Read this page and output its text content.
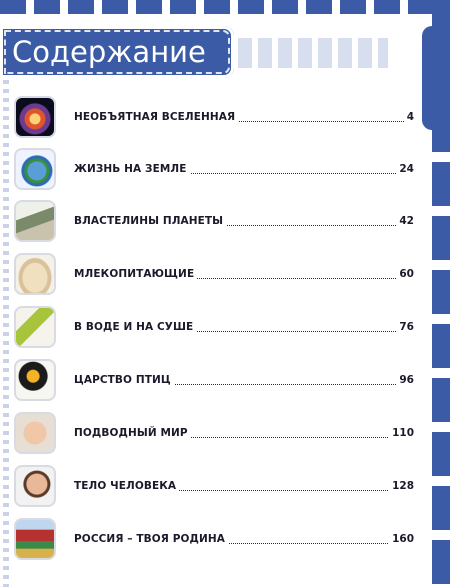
Содержание
НЕОБЪЯТНАЯ ВСЕЛЕННАЯ	4
ЖИЗНЬ НА ЗЕМЛЕ	24
ВЛАСТЕЛИНЫ ПЛАНЕТЫ	42
МЛЕКОПИТАЮЩИЕ	60
В ВОДЕ И НА СУШЕ	76
ЦАРСТВО ПТИЦ	96
ПОДВОДНЫЙ МИР	110
ТЕЛО ЧЕЛОВЕКА	128
РОССИЯ – ТВОЯ РОДИНА	160
